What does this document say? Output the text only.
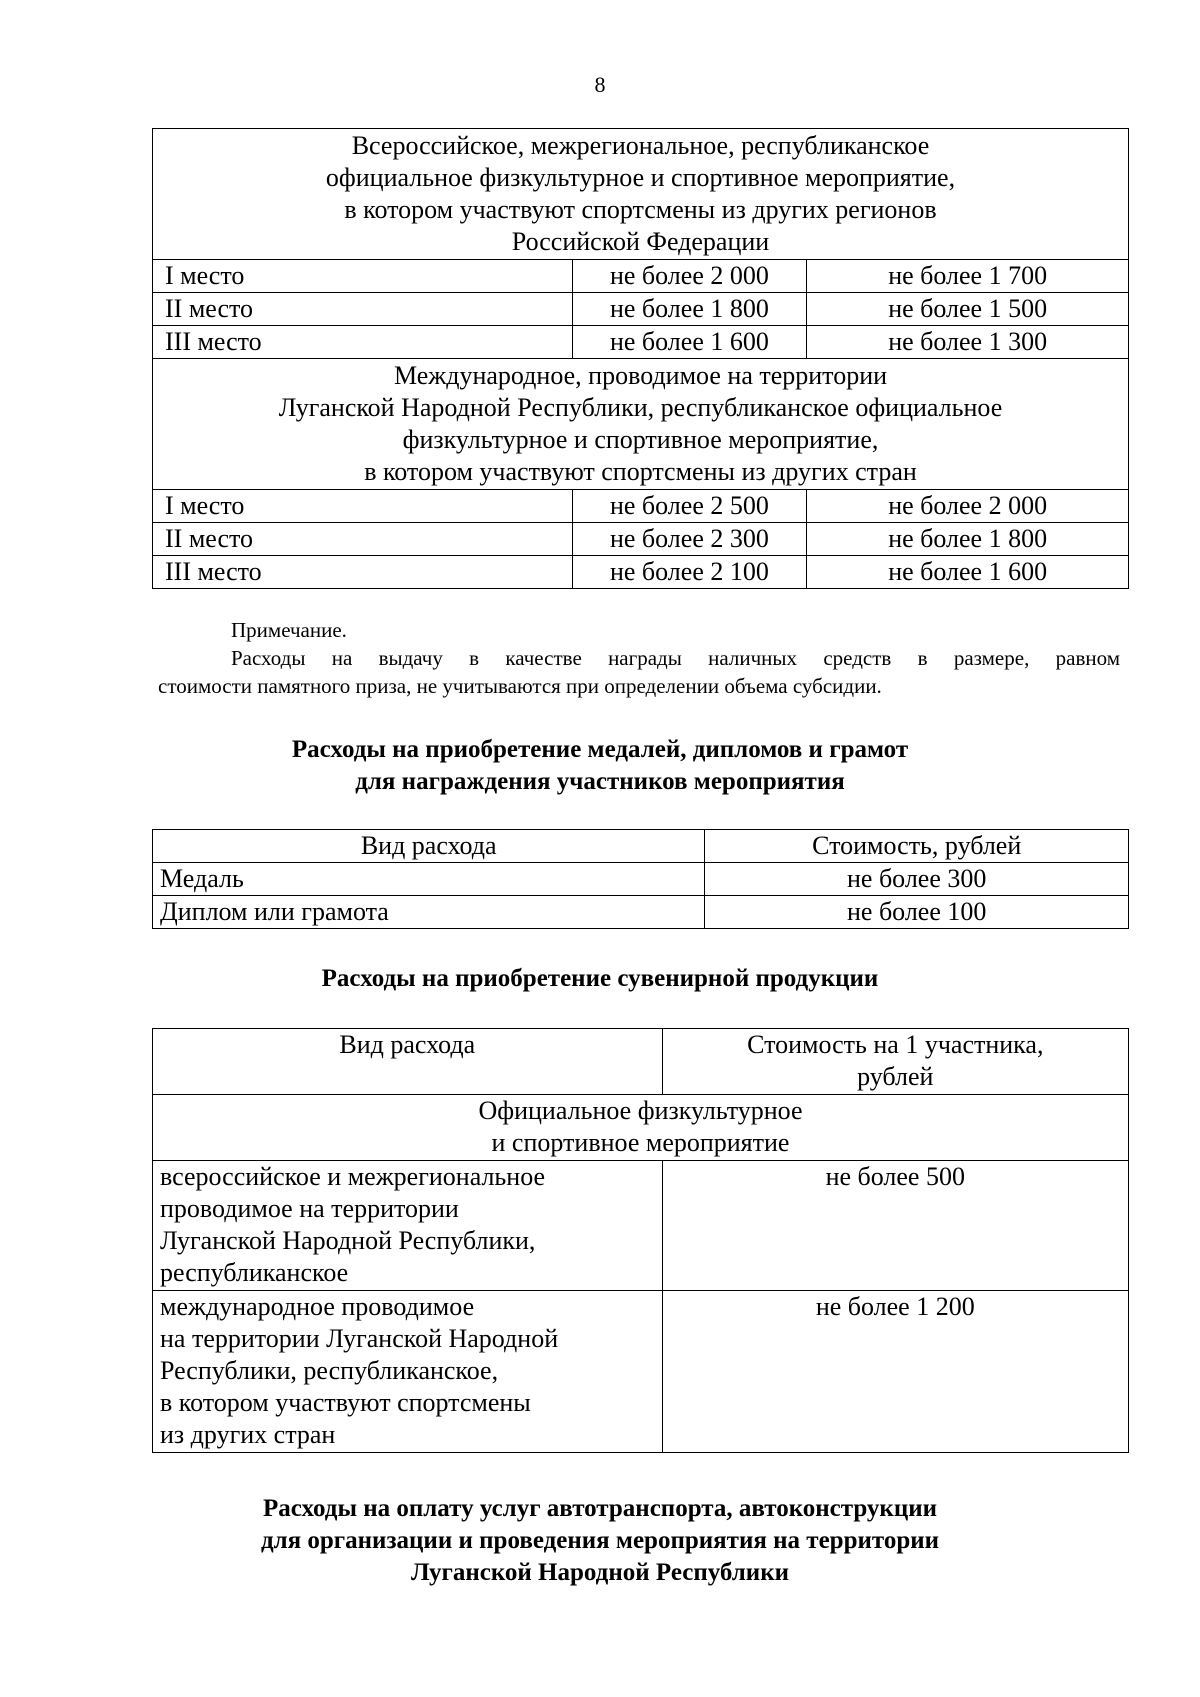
8
Всероссийское, межрегиональное, республиканское
официальное физкультурное и спортивное мероприятие,
в котором участвуют спортсмены из других регионов
Российской Федерации		

I место	не более 2 000	не более 1 700
II место	не более 1 800	не более 1 500
III место	не более 1 600	не более 1 300

Международное, проводимое на территории
Луганской Народной Республики, республиканское официальное
физкультурное и спортивное мероприятие,
в котором участвуют спортсмены из других стран		

I место	не более 2 500	не более 2 000
II место	не более 2 300	не более 1 800
III место	не более 2 100	не более 1 600
Примечание.
Расходы на выдачу в качестве награды наличных средств в размере, равном
стоимости памятного приза, не учитываются при определении объема субсидии.
Расходы на приобретение медалей, дипломов и грамот
для награждения участников мероприятия
Вид расхода	Стоимость, рублей
Медаль	не более 300
Диплом или грамота	не более 100
Расходы на приобретение сувенирной продукции
Вид расхода	Стоимость на 1 участника,
рублей

Официальное физкультурное
и спортивное мероприятие	

всероссийское и межрегиональное
проводимое на территории
Луганской Народной Республики,
республиканское	не более 500

международное проводимое
на территории Луганской Народной
Республики, республиканское,
в котором участвуют спортсмены
из других стран	не более 1 200
Расходы на оплату услуг автотранспорта, автоконструкции
для организации и проведения мероприятия на территории
Луганской Народной Республики
